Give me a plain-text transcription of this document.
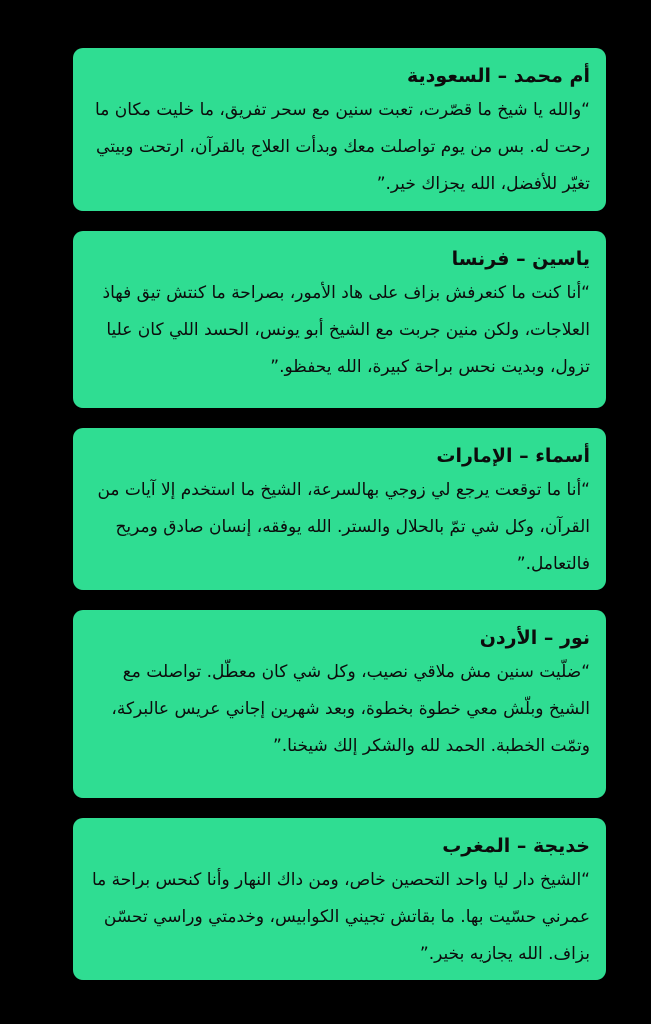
أم محمد – السعودية

“والله يا شيخ ما قصّرت، تعبت سنين مع سحر تفريق، ما خليت مكان ما رحت له. بس من يوم تواصلت معك وبدأت العلاج بالقرآن، ارتحت وبيتي تغيّر للأفضل، الله يجزاك خير.”

ياسين – فرنسا

“أنا كنت ما كنعرفش بزاف على هاد الأمور، بصراحة ما كنتش تيق فهاذ العلاجات، ولكن منين جربت مع الشيخ أبو يونس، الحسد اللي كان عليا تزول، وبديت نحس براحة كبيرة، الله يحفظو.”

أسماء – الإمارات

“أنا ما توقعت يرجع لي زوجي بهالسرعة، الشيخ ما استخدم إلا آيات من القرآن، وكل شي تمّ بالحلال والستر. الله يوفقه، إنسان صادق ومريح فالتعامل.”

نور – الأردن

“ضلّيت سنين مش ملاقي نصيب، وكل شي كان معطّل. تواصلت مع الشيخ وبلّش معي خطوة بخطوة، وبعد شهرين إجاني عريس عالبركة، وتمّت الخطبة. الحمد لله والشكر إلك شيخنا.”

خديجة – المغرب

“الشيخ دار ليا واحد التحصين خاص، ومن داك النهار وأنا كنحس براحة ما عمرني حسّيت بها. ما بقاتش تجيني الكوابيس، وخدمتي وراسي تحسّن بزاف. الله يجازيه بخير.”
